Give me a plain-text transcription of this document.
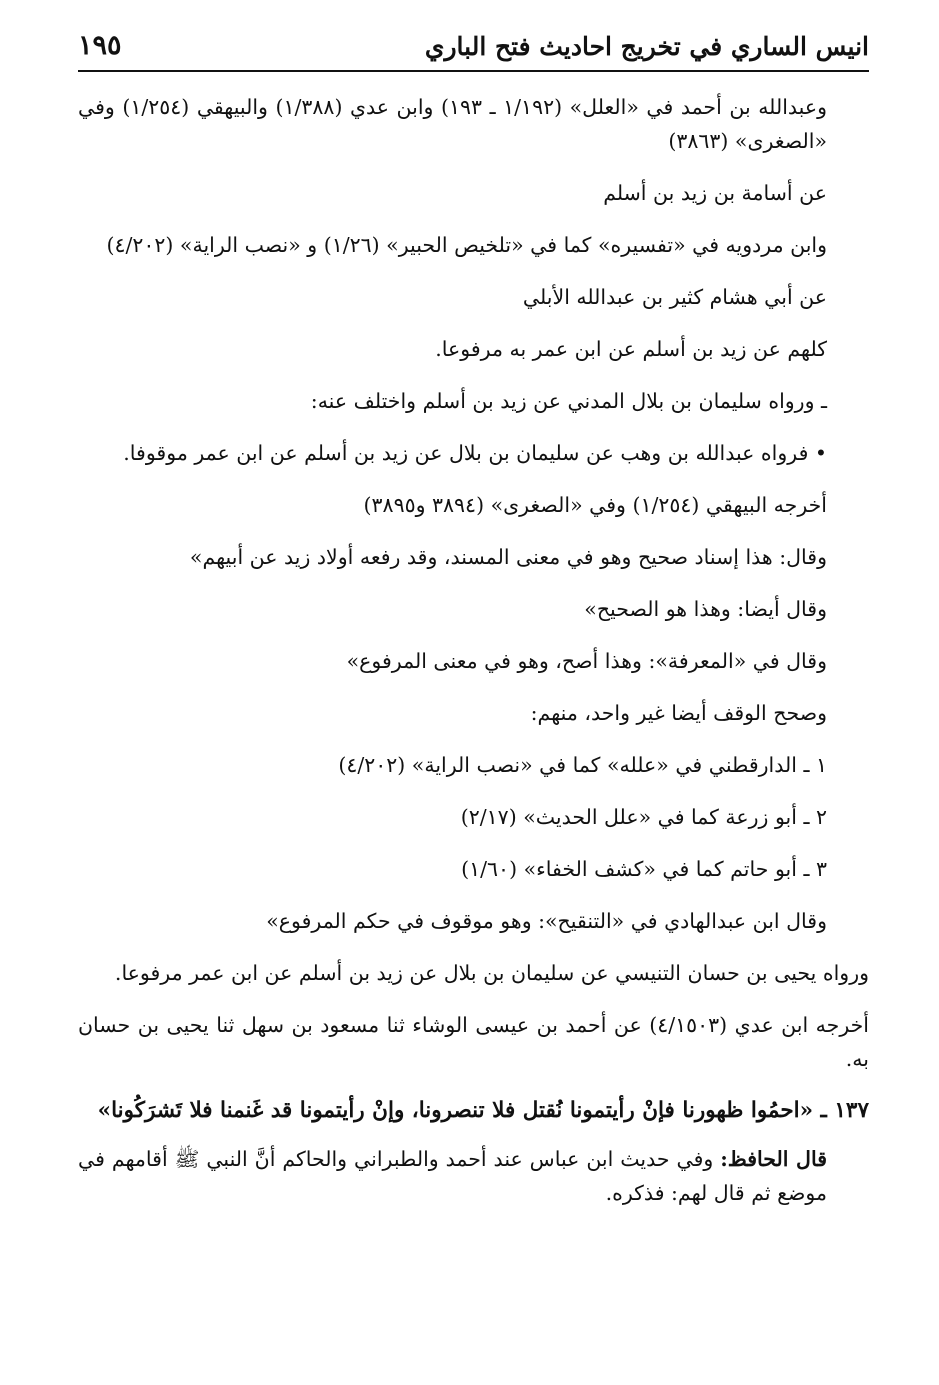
انيس الساري في تخريج احاديث فتح الباري
١٩٥

وعبدالله بن أحمد في «العلل» (١/١٩٢ ـ ١٩٣) وابن عدي (١/٣٨٨) والبيهقي (١/٢٥٤) وفي «الصغرى» (٣٨٦٣)

عن أسامة بن زيد بن أسلم

وابن مردويه في «تفسيره» كما في «تلخيص الحبير» (١/٢٦) و «نصب الراية» (٤/٢٠٢)

عن أبي هشام كثير بن عبدالله الأبلي

كلهم عن زيد بن أسلم عن ابن عمر به مرفوعا.

ـ ورواه سليمان بن بلال المدني عن زيد بن أسلم واختلف عنه:

• فرواه عبدالله بن وهب عن سليمان بن بلال عن زيد بن أسلم عن ابن عمر موقوفا.

أخرجه البيهقي (١/٢٥٤) وفي «الصغرى» (٣٨٩٤ و٣٨٩٥)

وقال: هذا إسناد صحيح وهو في معنى المسند، وقد رفعه أولاد زيد عن أبيهم»

وقال أيضا: وهذا هو الصحيح»

وقال في «المعرفة»: وهذا أصح، وهو في معنى المرفوع»

وصحح الوقف أيضا غير واحد، منهم:

١ ـ الدارقطني في «علله» كما في «نصب الراية» (٤/٢٠٢)
٢ ـ أبو زرعة كما في «علل الحديث» (٢/١٧)
٣ ـ أبو حاتم كما في «كشف الخفاء» (١/٦٠)

وقال ابن عبدالهادي في «التنقيح»: وهو موقوف في حكم المرفوع»

ورواه يحيى بن حسان التنيسي عن سليمان بن بلال عن زيد بن أسلم عن ابن عمر مرفوعا.

أخرجه ابن عدي (٤/١٥٠٣) عن أحمد بن عيسى الوشاء ثنا مسعود بن سهل ثنا يحيى بن حسان به.

١٣٧ ـ «احمُوا ظهورنا فإنْ رأيتمونا نُقتل فلا تنصرونا، وإنْ رأيتمونا قد غَنمنا فلا تَشرَكُونا»

قال الحافظ: وفي حديث ابن عباس عند أحمد والطبراني والحاكم أنَّ النبي ﷺ أقامهم في موضع ثم قال لهم: فذكره.
